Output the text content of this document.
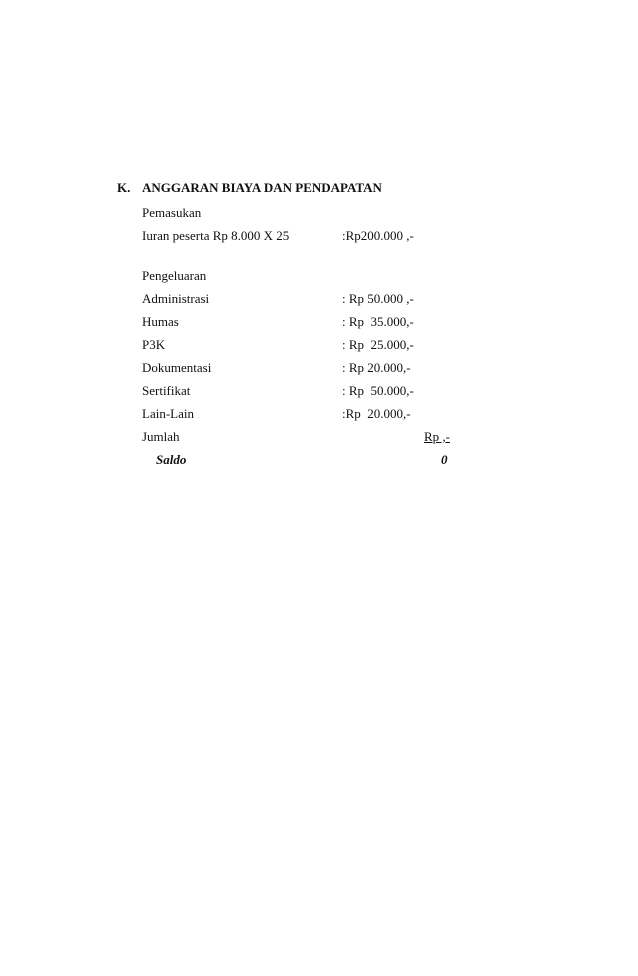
K. ANGGARAN BIAYA DAN PENDAPATAN
Pemasukan
Iuran peserta Rp 8.000 X 25	:Rp200.000 ,-
Pengeluaran
Administrasi	: Rp 50.000 ,-
Humas	: Rp  35.000,-
P3K	: Rp  25.000,-
Dokumentasi	: Rp 20.000,-
Sertifikat	: Rp  50.000,-
Lain-Lain	:Rp  20.000,-
Jumlah	Rp ,-
Saldo	0
